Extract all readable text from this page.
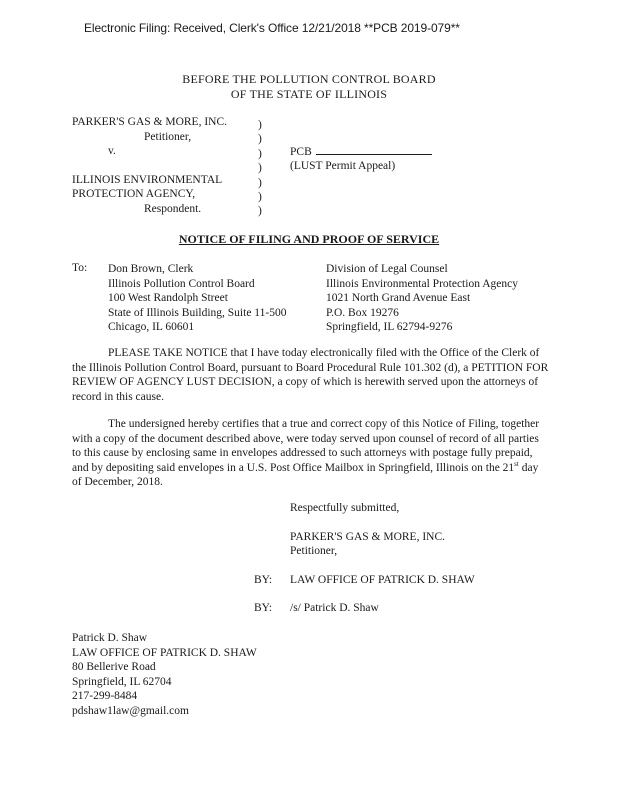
Electronic Filing: Received, Clerk's Office 12/21/2018 **PCB 2019-079**
BEFORE THE POLLUTION CONTROL BOARD
OF THE STATE OF ILLINOIS
PARKER'S GAS & MORE, INC.
Petitioner,
v.
ILLINOIS ENVIRONMENTAL
PROTECTION AGENCY,
Respondent.
)
)
)
)
)
)
)
PCB
(LUST Permit Appeal)
NOTICE OF FILING AND PROOF OF SERVICE
To: Don Brown, Clerk
Illinois Pollution Control Board
100 West Randolph Street
State of Illinois Building, Suite 11-500
Chicago, IL 60601
Division of Legal Counsel
Illinois Environmental Protection Agency
1021 North Grand Avenue East
P.O. Box 19276
Springfield, IL 62794-9276
PLEASE TAKE NOTICE that I have today electronically filed with the Office of the Clerk of the Illinois Pollution Control Board, pursuant to Board Procedural Rule 101.302 (d), a PETITION FOR REVIEW OF AGENCY LUST DECISION, a copy of which is herewith served upon the attorneys of record in this cause.
The undersigned hereby certifies that a true and correct copy of this Notice of Filing, together with a copy of the document described above, were today served upon counsel of record of all parties to this cause by enclosing same in envelopes addressed to such attorneys with postage fully prepaid, and by depositing said envelopes in a U.S. Post Office Mailbox in Springfield, Illinois on the 21st day of December, 2018.
Respectfully submitted,
PARKER'S GAS & MORE, INC.
Petitioner,
BY: LAW OFFICE OF PATRICK D. SHAW
BY: /s/ Patrick D. Shaw
Patrick D. Shaw
LAW OFFICE OF PATRICK D. SHAW
80 Bellerive Road
Springfield, IL 62704
217-299-8484
pdshaw1law@gmail.com
